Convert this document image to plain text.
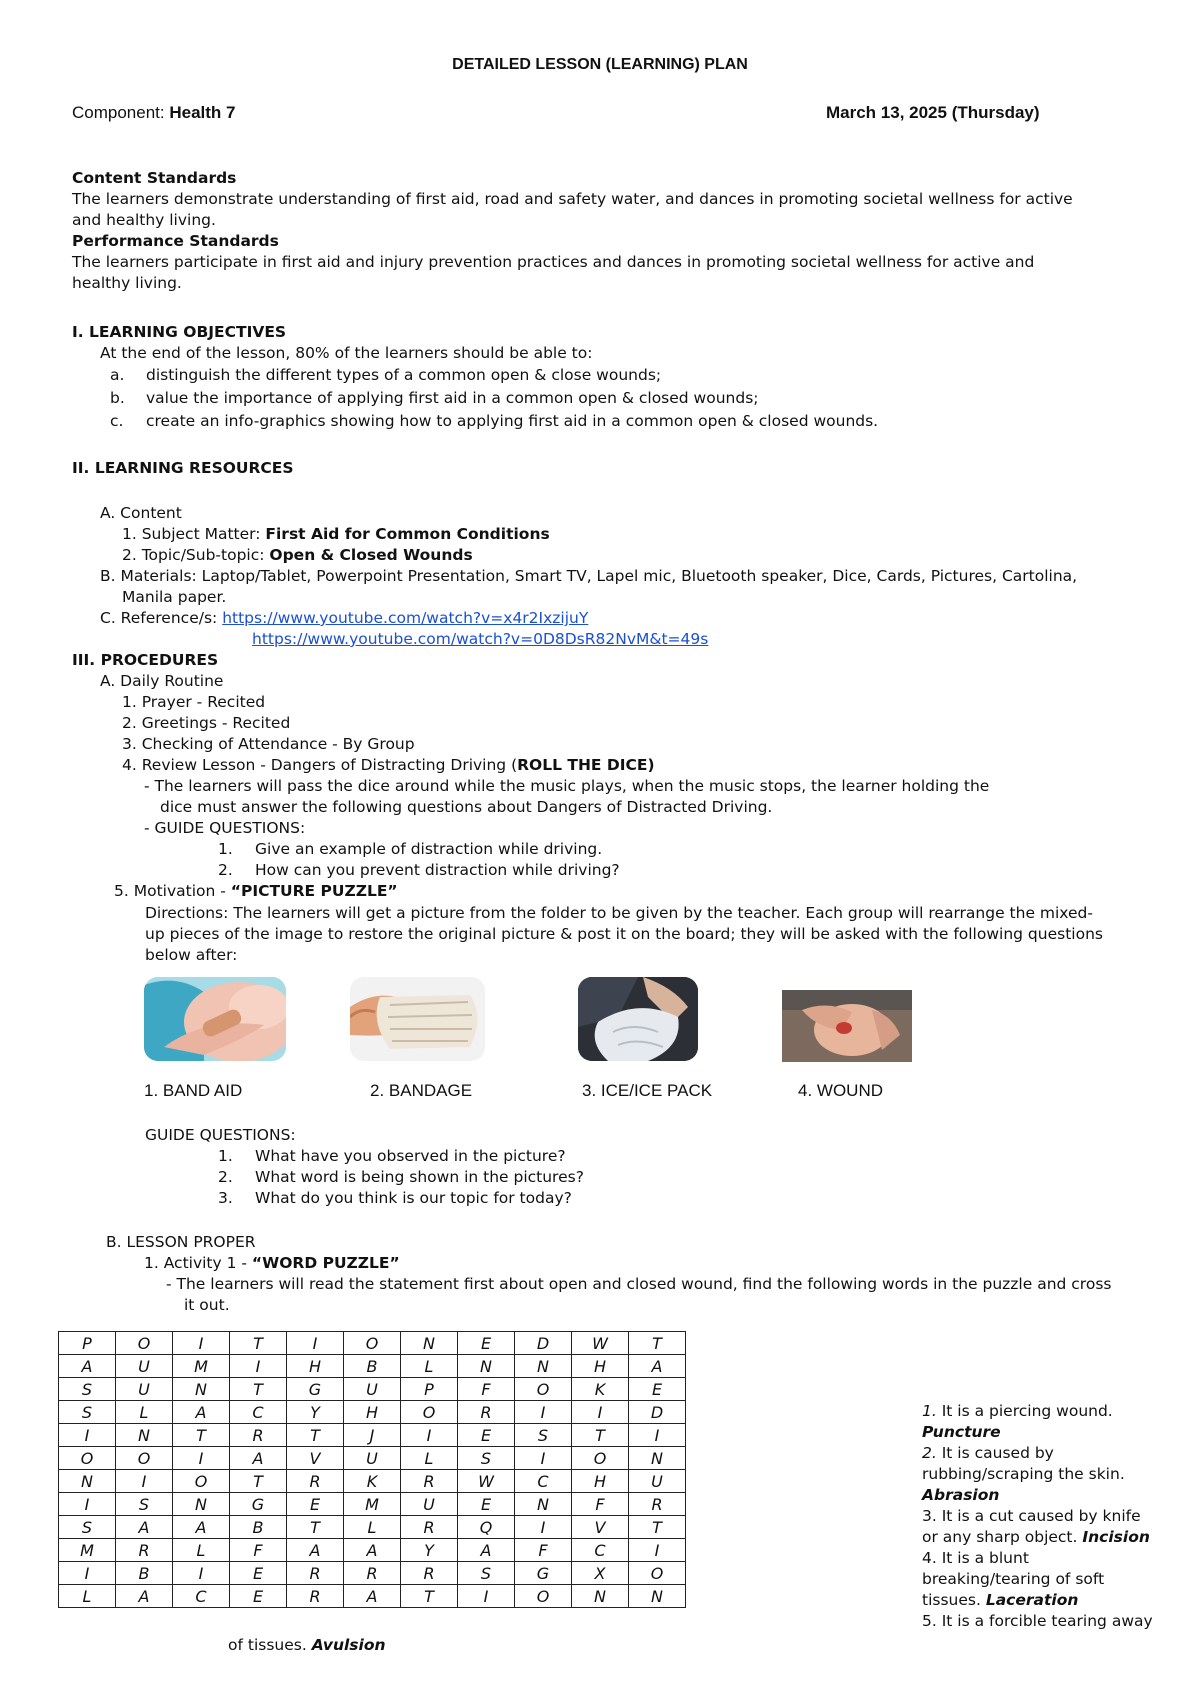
DETAILED LESSON (LEARNING) PLAN
Component: Health 7	March 13, 2025 (Thursday)
Content Standards
The learners demonstrate understanding of first aid, road and safety water, and dances in promoting societal wellness for active
and healthy living.
Performance Standards
The learners participate in first aid and injury prevention practices and dances in promoting societal wellness for active and
healthy living.
I. LEARNING OBJECTIVES
At the end of the lesson, 80% of the learners should be able to:
a. distinguish the different types of a common open & close wounds;
b. value the importance of applying first aid in a common open & closed wounds;
c. create an info-graphics showing how to applying first aid in a common open & closed wounds.
II. LEARNING RESOURCES
A. Content
1. Subject Matter: First Aid for Common Conditions
2. Topic/Sub-topic: Open & Closed Wounds
B. Materials: Laptop/Tablet, Powerpoint Presentation, Smart TV, Lapel mic, Bluetooth speaker, Dice, Cards, Pictures, Cartolina,
Manila paper.
C. Reference/s: https://www.youtube.com/watch?v=x4r2IxzijuY
https://www.youtube.com/watch?v=0D8DsR82NvM&t=49s
III. PROCEDURES
A. Daily Routine
1. Prayer - Recited
2. Greetings - Recited
3. Checking of Attendance - By Group
4. Review Lesson - Dangers of Distracting Driving (ROLL THE DICE)
- The learners will pass the dice around while the music plays, when the music stops, the learner holding the
dice must answer the following questions about Dangers of Distracted Driving.
- GUIDE QUESTIONS:
1. Give an example of distraction while driving.
2. How can you prevent distraction while driving?
5. Motivation - “PICTURE PUZZLE”
Directions: The learners will get a picture from the folder to be given by the teacher. Each group will rearrange the mixed-
up pieces of the image to restore the original picture & post it on the board; they will be asked with the following questions
below after:
1. BAND AID	2. BANDAGE	3. ICE/ICE PACK	4. WOUND
GUIDE QUESTIONS:
1. What have you observed in the picture?
2. What word is being shown in the pictures?
3. What do you think is our topic for today?
B. LESSON PROPER
1. Activity 1 - “WORD PUZZLE”
- The learners will read the statement first about open and closed wound, find the following words in the puzzle and cross
it out.
P	O	I	T	I	O	N	E	D	W	T
A	U	M	I	H	B	L	N	N	H	A
S	U	N	T	G	U	P	F	O	K	E
S	L	A	C	Y	H	O	R	I	I	D
I	N	T	R	T	J	I	E	S	T	I
O	O	I	A	V	U	L	S	I	O	N
N	I	O	T	R	K	R	W	C	H	U
I	S	N	G	E	M	U	E	N	F	R
S	A	A	B	T	L	R	Q	I	V	T
M	R	L	F	A	A	Y	A	F	C	I
I	B	I	E	R	R	R	S	G	X	O
L	A	C	E	R	A	T	I	O	N	N
1. It is a piercing wound.
Puncture
2. It is caused by
rubbing/scraping the skin.
Abrasion
3. It is a cut caused by knife
or any sharp object. Incision
4. It is a blunt
breaking/tearing of soft
tissues. Laceration
5. It is a forcible tearing away
of tissues. Avulsion
